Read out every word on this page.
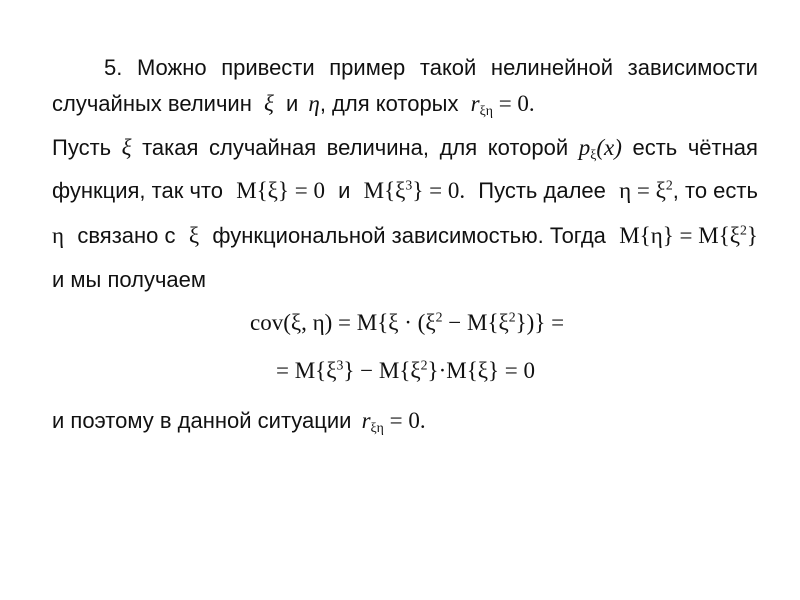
5. Можно привести пример такой нелинейной зависимости
случайных величин ξ и η, для которых $r_{\xi\eta} = 0$.
Пусть ξ такая случайная величина, для которой $p_\xi(x)$ есть чётная
функция, так что M{ξ} = 0 и $M\{\xi^3\} = 0$. Пусть далее $\eta = \xi^2$, то есть
η связано с ξ функциональной зависимостью. Тогда $M\{\eta\} = M\{\xi^2\}$
и мы получаем
cov(ξ, $\eta) = M\{\xi \cdot (\xi^2 - M\{\xi^2\})\}$ =
= $M\{\xi^3\} - M\{\xi^2\}\cdot M\{\xi\} = 0$
и поэтому в данной ситуации $r_{\xi\eta} = 0$.
